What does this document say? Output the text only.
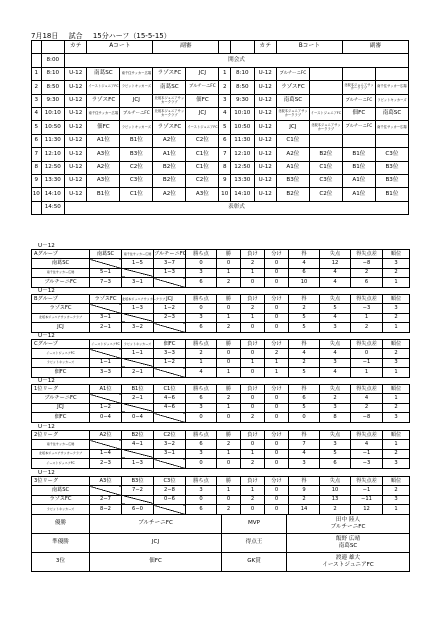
7月18日 試合 15分ハーフ（15-5-15）
		カテ	Aコート		副審				カテ	Bコート		副審	
	8:00	開会式											
1	8:10	U-12	南葛SC	南千住サッカー広場	ラゾスFC	JCJ	1	8:10	U-12	ブルチーニFC			
2	8:50	U-12	イーストジュニアFC	ラビットキッカーズ	南葛SC	ブルチーニFC	2	8:50	U-12	ラゾスFC		北坂本ジュニアサッカークラブ	南千住サッカー広場
3	9:30	U-12	ラゾスFC	JCJ	北坂本ジュニアサッカークラブ	佃FC	3	9:30	U-12	南葛SC		ブルチーニFC	ラビットキッカーズ
4	10:10	U-12	南千住サッカー広場	ブルチーニFC	北坂本ジュニアサッカークラブ	JCJ	4	10:10	U-12	北坂本ジュニアサッカークラブ	イーストジュニアFC	佃FC	南葛SC
5	10:50	U-12	佃FC	ラビットキッカーズ	ラゾスFC	イーストジュニアFC	5	10:50	U-12	JCJ	北坂本ジュニアサッカークラブ	ブルチーニFC	南千住サッカー広場
6	11:30	U-12	A1位	B1位	A2位	C2位	6	11:30	U-12	C1位			
7	12:10	U-12	A3位	B3位	A1位	C1位	7	12:10	U-12	A2位	B2位	B1位	C3位
8	12:50	U-12	A2位	C2位	B2位	C1位	8	12:50	U-12	A1位	C1位	B1位	B3位
9	13:30	U-12	A3位	C3位	B2位	C2位	9	13:30	U-12	B3位	C3位	A1位	B3位
10	14:10	U-12	B1位	C1位	A2位	A3位	10	14:10	U-12	B2位	C2位	A1位	B1位
	14:50	表彰式											
U－12
Aグループ	南葛SC	南千住サッカー広場	ブルチーニFC	勝ち点	勝	負け	分け	得	失点	得失点差	順位
南葛SC		1−5	3−7	0	0	2	0	4	12	−8	3
南千住サッカー広場	5−1		1−3	3	1	1	0	6	4	2	2
ブルチーニFC	7−3	3−1		6	2	0	0	10	4	6	1
U－12
Bグループ	ラゾスFC	北坂本ジュニアサッカークラブ	JCJ	勝ち点	勝	負け	分け	得	失点	得失点差	順位
ラゾスFC		1−3	1−2	0	0	2	0	2	5	−3	3
北坂本ジュニアサッカークラブ	3−1		2−3	3	1	1	0	5	4	1	2
JCJ	2−1	3−2		6	2	0	0	5	3	2	1
U－12
Cグループ	イーストジュニアFC	ラビットキッカーズ	佃FC	勝ち点	勝	負け	分け	得	失点	得失点差	順位
イーストジュニアFC		1−1	3−3	2	0	0	2	4	4	0	2
ラビットキッカーズ	1−1		1−2	1	0	1	1	2	3	−1	3
佃FC	3−3	2−1		4	1	0	1	5	4	1	1
U－12
1位リーグ	A1位	B1位	C1位	勝ち点	勝	負け	分け	得	失点	得失点差	順位
ブルチーニFC		2−1	4−6	6	2	0	0	6	2	4	1
JCJ	1−2		4−6	3	1	0	0	5	3	2	2
佃FC	0−4	0−4		0	0	2	0	0	8	−8	3
U－12
2位リーグ	A2位	B2位	C2位	勝ち点	勝	負け	分け	得	失点	得失点差	順位
南千住サッカー広場		4−1	3−2	6	2	0	0	7	3	4	1
北坂本ジュニアサッカークラブ	1−4		3−1	3	1	1	0	4	5	−1	2
イーストジュニアFC	2−3	1−3		0	0	2	0	3	6	−3	3
U－12
3位リーグ	A3位	B3位	C3位	勝ち点	勝	負け	分け	得	失点	得失点差	順位
南葛SC		7−2	2−8	3	1	1	0	9	10	−1	2
ラゾスFC	2−7		0−6	0	0	2	0	2	13	−11	3
ラビットキッカーズ	8−2	6−0		6	2	0	0	14	2	12	1
優勝	ブルチーニFC	MVP	田中 陸人
ブルチーニFC

準優勝	JCJ	得点王	飯野 広晴
南葛SC

3位	佃FC	GK賞	渡邉 雄大
イーストジュニアFC
